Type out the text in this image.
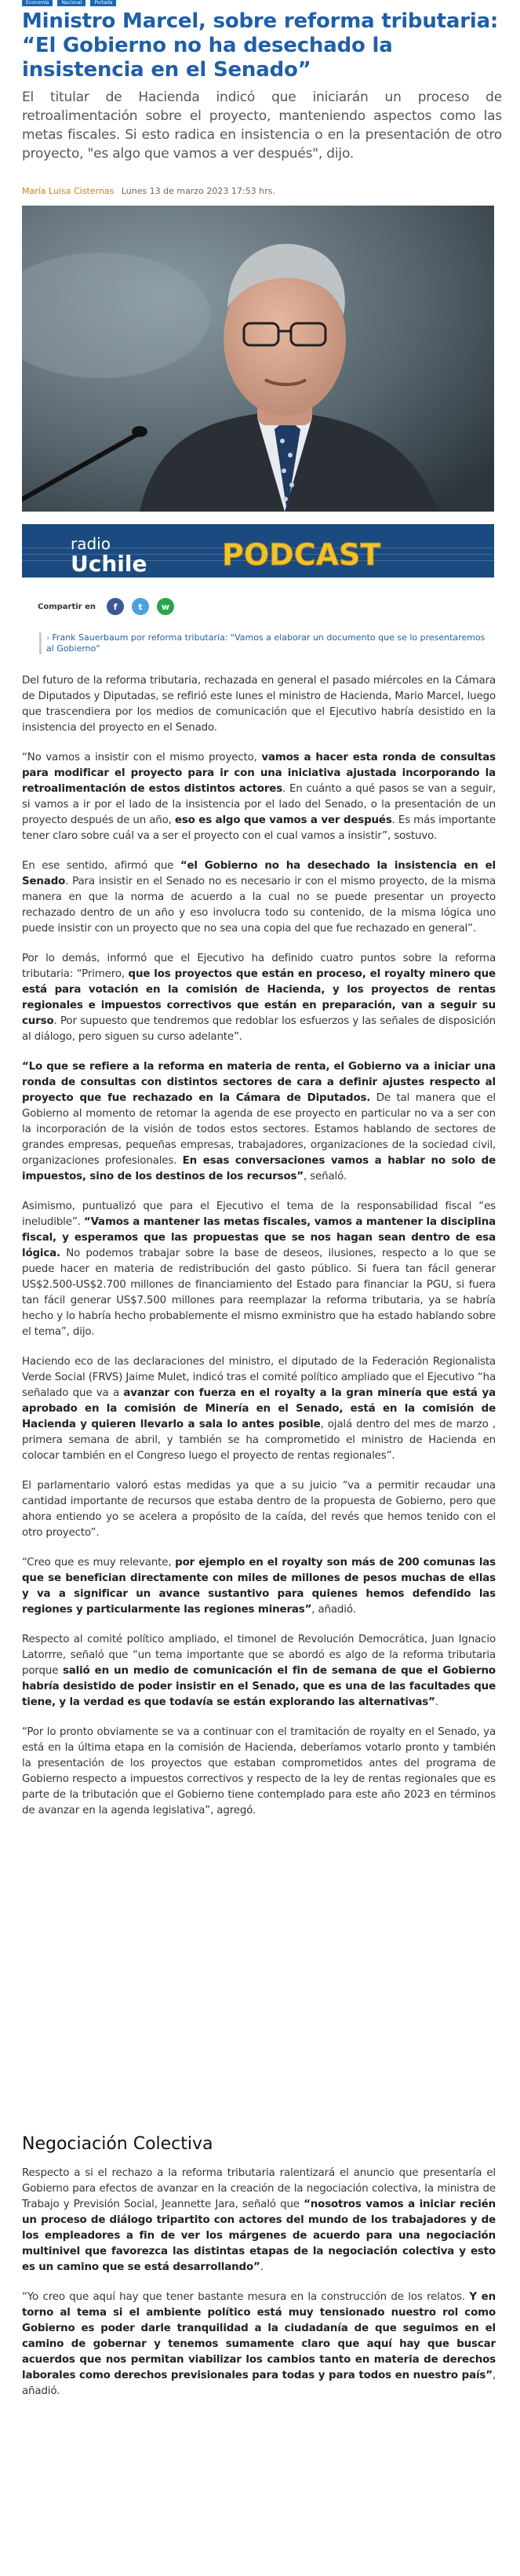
Economía	Nacional	Portada
Ministro Marcel, sobre reforma tributaria: “El Gobierno no ha desechado la insistencia en el Senado”

El titular de Hacienda indicó que iniciarán un proceso de retroalimentación sobre el proyecto, manteniendo aspectos como las metas fiscales. Si esto radica en insistencia o en la presentación de otro proyecto, "es algo que vamos a ver después", dijo.

María Luisa Cisternas Lunes 13 de marzo 2023 17:53 hrs.
radio
Uchile	PODCAST
Compartir en f t w
› Frank Sauerbaum por reforma tributaria: "Vamos a elaborar un documento que se lo presentaremos al Gobierno"

Del futuro de la reforma tributaria, rechazada en general el pasado miércoles en la Cámara de Diputados y Diputadas, se refirió este lunes el ministro de Hacienda, Mario Marcel, luego que trascendiera por los medios de comunicación que el Ejecutivo habría desistido en la insistencia del proyecto en el Senado.

“No vamos a insistir con el mismo proyecto, vamos a hacer esta ronda de consultas para modificar el proyecto para ir con una iniciativa ajustada incorporando la retroalimentación de estos distintos actores. En cuánto a qué pasos se van a seguir, si vamos a ir por el lado de la insistencia por el lado del Senado, o la presentación de un proyecto después de un año, eso es algo que vamos a ver después. Es más importante tener claro sobre cuál va a ser el proyecto con el cual vamos a insistir”, sostuvo.

En ese sentido, afirmó que “el Gobierno no ha desechado la insistencia en el Senado. Para insistir en el Senado no es necesario ir con el mismo proyecto, de la misma manera en que la norma de acuerdo a la cual no se puede presentar un proyecto rechazado dentro de un año y eso involucra todo su contenido, de la misma lógica uno puede insistir con un proyecto que no sea una copia del que fue rechazado en general”.

Por lo demás, informó que el Ejecutivo ha definido cuatro puntos sobre la reforma tributaria: “Primero, que los proyectos que están en proceso, el royalty minero que está para votación en la comisión de Hacienda, y los proyectos de rentas regionales e impuestos correctivos que están en preparación, van a seguir su curso. Por supuesto que tendremos que redoblar los esfuerzos y las señales de disposición al diálogo, pero siguen su curso adelante”.

“Lo que se refiere a la reforma en materia de renta, el Gobierno va a iniciar una ronda de consultas con distintos sectores de cara a definir ajustes respecto al proyecto que fue rechazado en la Cámara de Diputados. De tal manera que el Gobierno al momento de retomar la agenda de ese proyecto en particular no va a ser con la incorporación de la visión de todos estos sectores. Estamos hablando de sectores de grandes empresas, pequeñas empresas, trabajadores, organizaciones de la sociedad civil, organizaciones profesionales. En esas conversaciones vamos a hablar no solo de impuestos, sino de los destinos de los recursos”, señaló.

Asimismo, puntualizó que para el Ejecutivo el tema de la responsabilidad fiscal “es ineludible”. “Vamos a mantener las metas fiscales, vamos a mantener la disciplina fiscal, y esperamos que las propuestas que se nos hagan sean dentro de esa lógica. No podemos trabajar sobre la base de deseos, ilusiones, respecto a lo que se puede hacer en materia de redistribución del gasto público. Si fuera tan fácil generar US$2.500-US$2.700 millones de financiamiento del Estado para financiar la PGU, si fuera tan fácil generar US$7.500 millones para reemplazar la reforma tributaria, ya se habría hecho y lo habría hecho probablemente el mismo exministro que ha estado hablando sobre el tema”, dijo.

Haciendo eco de las declaraciones del ministro, el diputado de la Federación Regionalista Verde Social (FRVS) Jaime Mulet, indicó tras el comité político ampliado que el Ejecutivo “ha señalado que va a avanzar con fuerza en el royalty a la gran minería que está ya aprobado en la comisión de Minería en el Senado, está en la comisión de Hacienda y quieren llevarlo a sala lo antes posible, ojalá dentro del mes de marzo , primera semana de abril, y también se ha comprometido el ministro de Hacienda en colocar también en el Congreso luego el proyecto de rentas regionales”.

El parlamentario valoró estas medidas ya que a su juicio “va a permitir recaudar una cantidad importante de recursos que estaba dentro de la propuesta de Gobierno, pero que ahora entiendo yo se acelera a propósito de la caída, del revés que hemos tenido con el otro proyecto”.

“Creo que es muy relevante, por ejemplo en el royalty son más de 200 comunas las que se benefician directamente con miles de millones de pesos muchas de ellas y va a significar un avance sustantivo para quienes hemos defendido las regiones y particularmente las regiones mineras”, añadió.

Respecto al comité político ampliado, el timonel de Revolución Democrática, Juan Ignacio Latorrre, señaló que “un tema importante que se abordó es algo de la reforma tributaria porque salió en un medio de comunicación el fin de semana de que el Gobierno habría desistido de poder insistir en el Senado, que es una de las facultades que tiene, y la verdad es que todavía se están explorando las alternativas”.

“Por lo pronto obviamente se va a continuar con el tramitación de royalty en el Senado, ya está en la última etapa en la comisión de Hacienda, deberíamos votarlo pronto y también la presentación de los proyectos que estaban comprometidos antes del programa de Gobierno respecto a impuestos correctivos y respecto de la ley de rentas regionales que es parte de la tributación que el Gobierno tiene contemplado para este año 2023 en términos de avanzar en la agenda legislativa”, agregó.

Negociación Colectiva

Respecto a si el rechazo a la reforma tributaria ralentizará el anuncio que presentaría el Gobierno para efectos de avanzar en la creación de la negociación colectiva, la ministra de Trabajo y Previsión Social, Jeannette Jara, señaló que “nosotros vamos a iniciar recién un proceso de diálogo tripartito con actores del mundo de los trabajadores y de los empleadores a fin de ver los márgenes de acuerdo para una negociación multinivel que favorezca las distintas etapas de la negociación colectiva y esto es un camino que se está desarrollando”.

“Yo creo que aquí hay que tener bastante mesura en la construcción de los relatos. Y en torno al tema si el ambiente político está muy tensionado nuestro rol como Gobierno es poder darle tranquilidad a la ciudadanía de que seguimos en el camino de gobernar y tenemos sumamente claro que aquí hay que buscar acuerdos que nos permitan viabilizar los cambios tanto en materia de derechos laborales como derechos previsionales para todas y para todos en nuestro país”, añadió.
